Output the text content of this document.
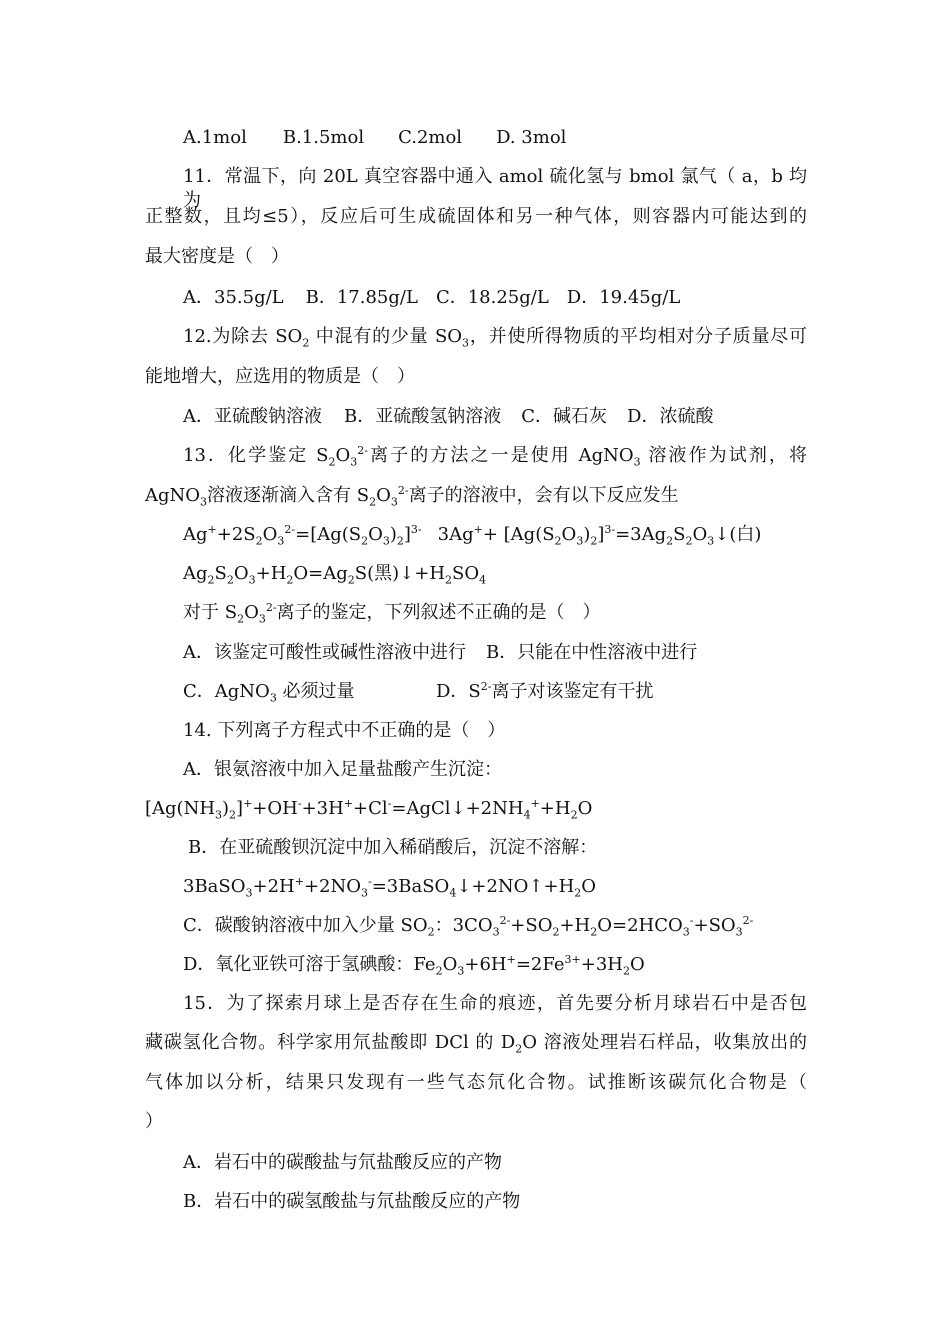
A.1mol B.1.5mol C.2mol D. 3mol
11．常温下，向 20L 真空容器中通入 amol 硫化氢与 bmol 氯气（ a，b 均为
正整数，且均≤5），反应后可生成硫固体和另一种气体，则容器内可能达到的
最大密度是（　）
A．35.5g/L B．17.85g/L C．18.25g/L D．19.45g/L
12.为除去 $SO_2$ 中混有的少量 $SO_3$，并使所得物质的平均相对分子质量尽可
能地增大，应选用的物质是（　）
A．亚硫酸钠溶液 B．亚硫酸氢钠溶液 C．碱石灰 D．浓硫酸
13．化学鉴定 $S_2O_3^{2-}$离子的方法之一是使用 AgNO$_3$ 溶液作为试剂，将
AgNO$_3$溶液逐渐滴入含有 $S_2O_3^{2-}$离子的溶液中，会有以下反应发生
$Ag^++2S_2O_3^{2-}=[Ag(S_2O_3)_2]^{3-}$ $3Ag^++ [Ag(S_2O_3)_2]^{3-}=3Ag_2S_2O_3↓$(白)
$Ag_2S_2O_3+H_2O=Ag_2S$(黑)$↓+H_2SO_4$
对于 $S_2O_3^{2-}$离子的鉴定，下列叙述不正确的是（　）
A．该鉴定可酸性或碱性溶液中进行 B．只能在中性溶液中进行
C．AgNO$_3$ 必须过量	D．$S^{2-}$离子对该鉴定有干扰
14. 下列离子方程式中不正确的是（　）
A．银氨溶液中加入足量盐酸产生沉淀：
$[Ag(NH_3)_2]^++OH^-+3H^++Cl^-=AgCl↓+2NH_4^++H_2O$
B．在亚硫酸钡沉淀中加入稀硝酸后，沉淀不溶解：
$3BaSO_3+2H^++2NO_3^-=3BaSO_4↓+2NO↑+H_2O$
C．碳酸钠溶液中加入少量 $SO_2$：$3CO_3^{2-}+SO_2+H_2O=2HCO_3^-+SO_3^{2-}$
D．氧化亚铁可溶于氢碘酸：$Fe_2O_3+6H^+=2Fe^{3+}+3H_2O$
15．为了探索月球上是否存在生命的痕迹，首先要分析月球岩石中是否包
藏碳氢化合物。科学家用氘盐酸即 DCl 的 $D_2O$ 溶液处理岩石样品，收集放出的
气体加以分析，结果只发现有一些气态氘化合物。试推断该碳氘化合物是（
）
A．岩石中的碳酸盐与氘盐酸反应的产物
B．岩石中的碳氢酸盐与氘盐酸反应的产物
